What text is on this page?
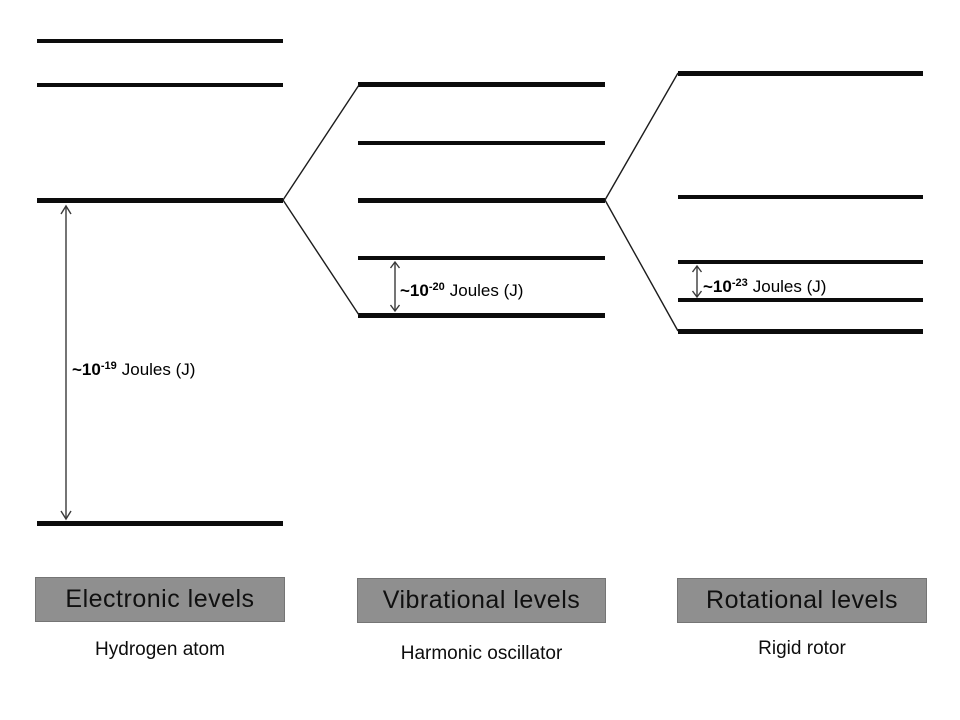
$\sim 10^{-19}$ Joules (J)
$\sim 10^{-20}$ Joules (J)	$\sim 10^{-23}$ Joules (J)
Electronic levels	Vibrational levels	Rotational levels
Hydrogen atom	Harmonic oscillator	Rigid rotor
